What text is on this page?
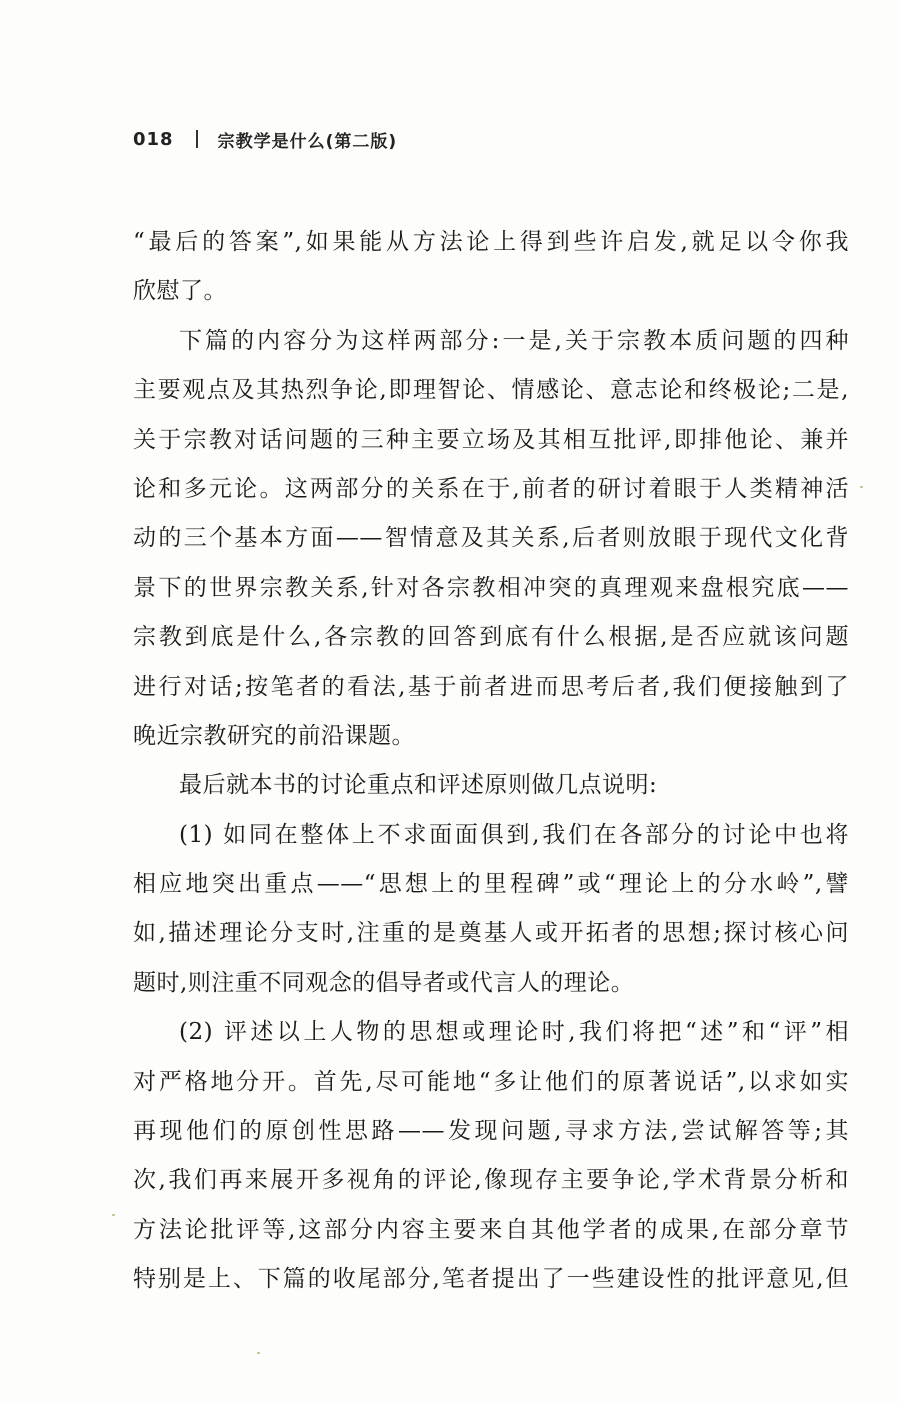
018	宗教学是什么(第二版)
“最后的答案”,如果能从方法论上得到些许启发,就足以令你我
欣慰了。
下篇的内容分为这样两部分:一是,关于宗教本质问题的四种
主要观点及其热烈争论,即理智论、情感论、意志论和终极论;二是,
关于宗教对话问题的三种主要立场及其相互批评,即排他论、兼并
论和多元论。这两部分的关系在于,前者的研讨着眼于人类精神活
动的三个基本方面——智情意及其关系,后者则放眼于现代文化背
景下的世界宗教关系,针对各宗教相冲突的真理观来盘根究底——
宗教到底是什么,各宗教的回答到底有什么根据,是否应就该问题
进行对话;按笔者的看法,基于前者进而思考后者,我们便接触到了
晚近宗教研究的前沿课题。
最后就本书的讨论重点和评述原则做几点说明:
(1) 如同在整体上不求面面俱到,我们在各部分的讨论中也将
相应地突出重点——“思想上的里程碑”或“理论上的分水岭”,譬
如,描述理论分支时,注重的是奠基人或开拓者的思想;探讨核心问
题时,则注重不同观念的倡导者或代言人的理论。
(2) 评述以上人物的思想或理论时,我们将把“述”和“评”相
对严格地分开。首先,尽可能地“多让他们的原著说话”,以求如实
再现他们的原创性思路——发现问题,寻求方法,尝试解答等;其
次,我们再来展开多视角的评论,像现存主要争论,学术背景分析和
方法论批评等,这部分内容主要来自其他学者的成果,在部分章节
特别是上、下篇的收尾部分,笔者提出了一些建设性的批评意见,但
